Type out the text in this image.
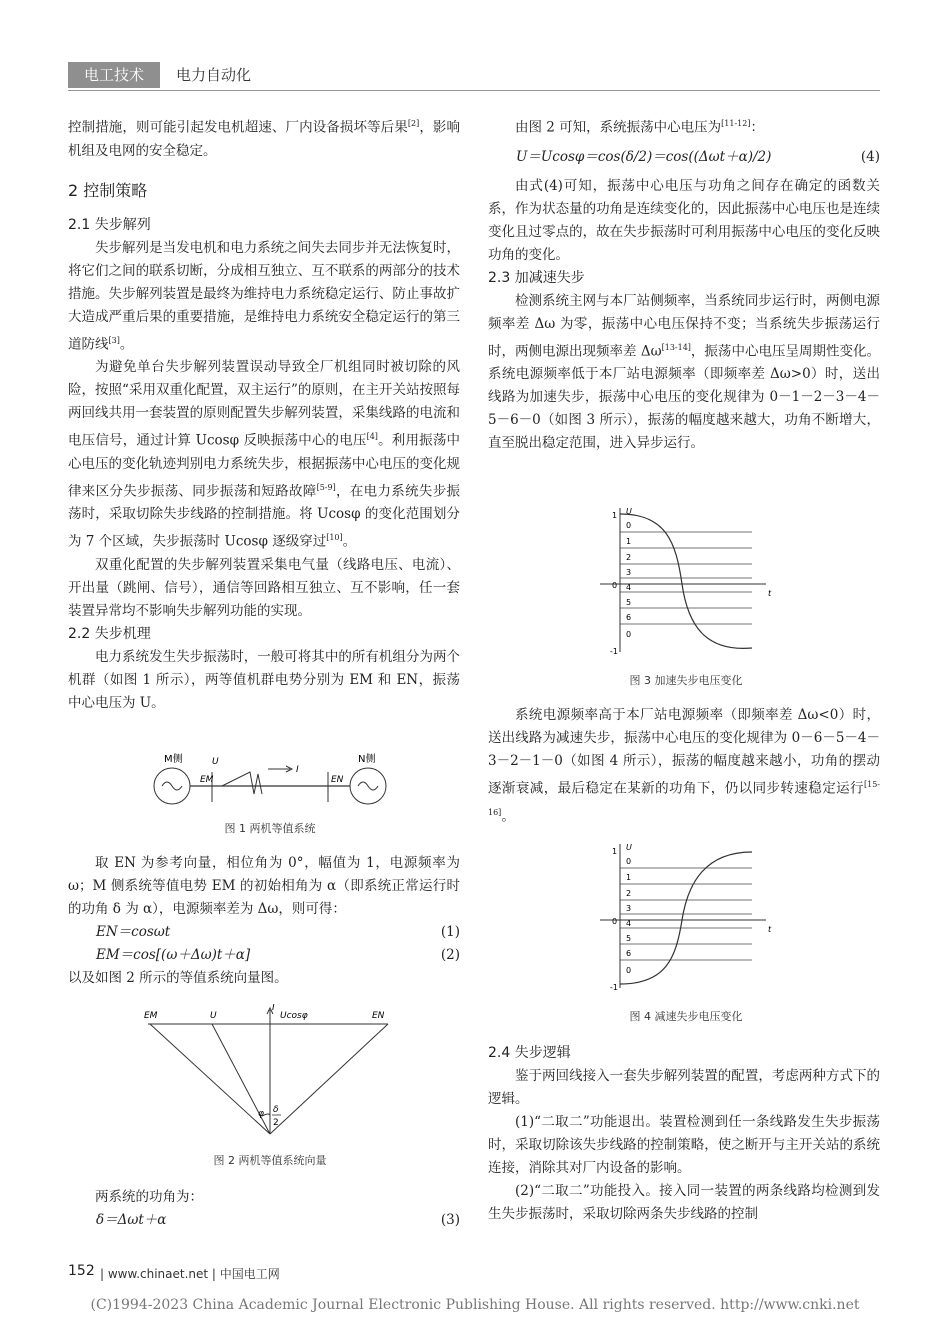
电工技术	电力自动化

控制措施，则可能引起发电机超速、厂内设备损坏等后果[2]，影响机组及电网的安全稳定。

2 控制策略
2.1 失步解列

失步解列是当发电机和电力系统之间失去同步并无法恢复时，将它们之间的联系切断，分成相互独立、互不联系的两部分的技术措施。失步解列装置是最终为维持电力系统稳定运行、防止事故扩大造成严重后果的重要措施，是维持电力系统安全稳定运行的第三道防线[3]。

为避免单台失步解列装置误动导致全厂机组同时被切除的风险，按照“采用双重化配置，双主运行”的原则，在主开关站按照每两回线共用一套装置的原则配置失步解列装置，采集线路的电流和电压信号，通过计算 Ucosφ 反映振荡中心的电压[4]。利用振荡中心电压的变化轨迹判别电力系统失步，根据振荡中心电压的变化规律来区分失步振荡、同步振荡和短路故障[5-9]，在电力系统失步振荡时，采取切除失步线路的控制措施。将 Ucosφ 的变化范围划分为 7 个区域，失步振荡时 Ucosφ 逐级穿过[10]。

双重化配置的失步解列装置采集电气量（线路电压、电流）、开出量（跳闸、信号），通信等回路相互独立、互不影响，任一套装置异常均不影响失步解列功能的实现。

2.2 失步机理

电力系统发生失步振荡时，一般可将其中的所有机组分为两个机群（如图 1 所示），两等值机群电势分别为 EM 和 EN，振荡中心电压为 U。

M侧	N侧
EM	EN
U
I
图 1 两机等值系统

取 EN 为参考向量，相位角为 0°，幅值为 1，电源频率为 ω；M 侧系统等值电势 EM 的初始相角为 α（即系统正常运行时的功角 δ 为 α），电源频率差为 Δω，则可得：

EN＝cosωt	(1)
EM＝cos[(ω＋Δω)t＋α]	(2)

以及如图 2 所示的等值系统向量图。

EM	U	Ucosφ	EN
I
φ δ
2
图 2 两机等值系统向量

两系统的功角为：

δ＝Δωt＋α	(3)

由图 2 可知，系统振荡中心电压为[11-12]：

U＝Ucosφ＝cos(δ/2)＝cos((Δωt＋α)/2)	(4)

由式(4)可知，振荡中心电压与功角之间存在确定的函数关系，作为状态量的功角是连续变化的，因此振荡中心电压也是连续变化且过零点的，故在失步振荡时可利用振荡中心电压的变化反映功角的变化。

2.3 加减速失步

检测系统主网与本厂站侧频率，当系统同步运行时，两侧电源频率差 Δω 为零，振荡中心电压保持不变；当系统失步振荡运行时，两侧电源出现频率差 Δω[13-14]，振荡中心电压呈周期性变化。系统电源频率低于本厂站电源频率（即频率差 Δω>0）时，送出线路为加速失步，振荡中心电压的变化规律为 0－1－2－3－4－5－6－0（如图 3 所示），振荡的幅度越来越大，功角不断增大，直至脱出稳定范围，进入异步运行。

U
t
1
0
-1
0
1
2
3
4
5
6
0
图 3 加速失步电压变化

系统电源频率高于本厂站电源频率（即频率差 Δω<0）时，送出线路为减速失步，振荡中心电压的变化规律为 0－6－5－4－3－2－1－0（如图 4 所示），振荡的幅度越来越小，功角的摆动逐渐衰减，最后稳定在某新的功角下，仍以同步转速稳定运行[15-16]。

U
t
1
0
-1
0
1
2
3
4
5
6
0
图 4 减速失步电压变化
2.4 失步逻辑

鉴于两回线接入一套失步解列装置的配置，考虑两种方式下的逻辑。

(1)“二取二”功能退出。装置检测到任一条线路发生失步振荡时，采取切除该失步线路的控制策略，使之断开与主开关站的系统连接，消除其对厂内设备的影响。

(2)“二取二”功能投入。接入同一装置的两条线路均检测到发生失步振荡时，采取切除两条失步线路的控制

152 | www.chinaet.net | 中国电工网
(C)1994-2023 China Academic Journal Electronic Publishing House. All rights reserved. http://www.cnki.net
